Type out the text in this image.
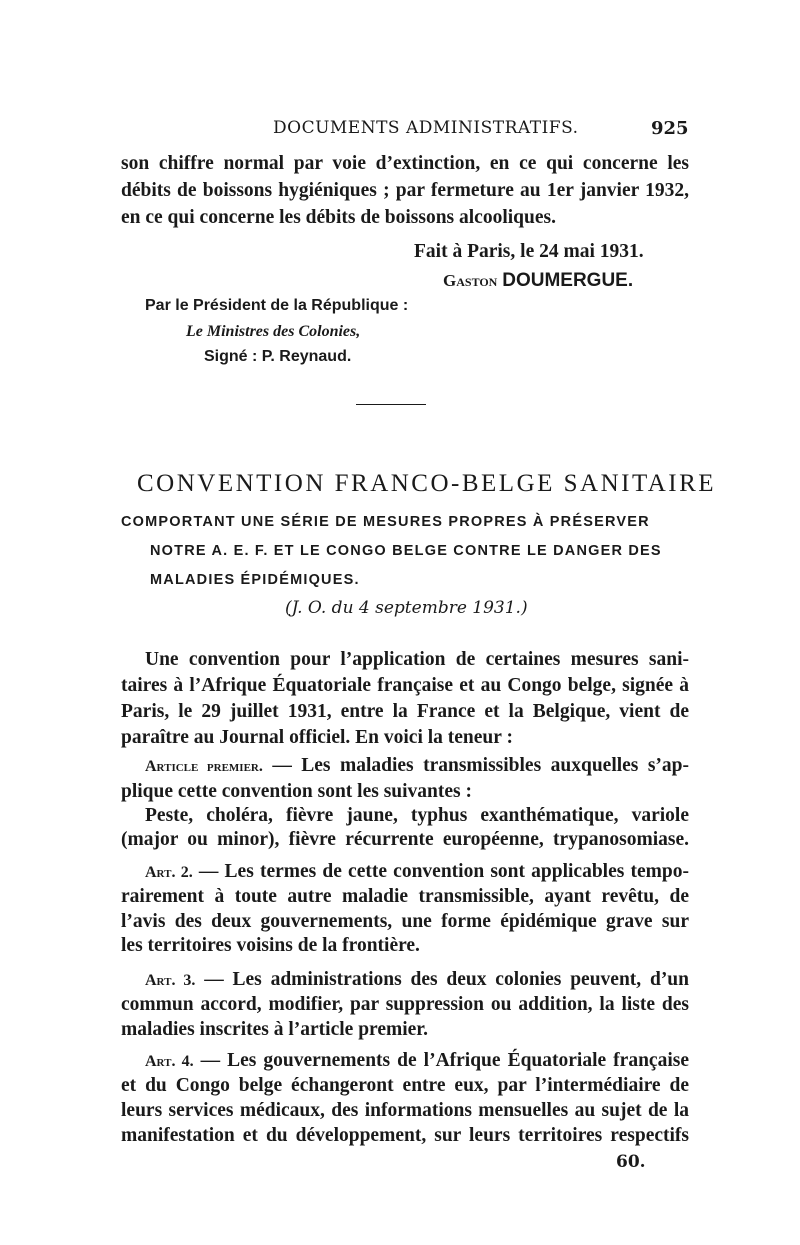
DOCUMENTS ADMINISTRATIFS.	925
son chiffre normal par voie d’extinction, en ce qui concerne les
débits de boissons hygiéniques ; par fermeture au 1er janvier 1932,
en ce qui concerne les débits de boissons alcooliques.
Fait à Paris, le 24 mai 1931.
Gaston DOUMERGUE.
Par le Président de la République :
Le Ministres des Colonies,
Signé : P. Reynaud.
CONVENTION FRANCO-BELGE SANITAIRE
COMPORTANT UNE SÉRIE DE MESURES PROPRES À PRÉSERVER
NOTRE A. E. F. ET LE CONGO BELGE CONTRE LE DANGER DES
MALADIES ÉPIDÉMIQUES.
(J. O. du 4 septembre 1931.)
Une convention pour l’application de certaines mesures sani-
taires à l’Afrique Équatoriale française et au Congo belge, signée à
Paris, le 29 juillet 1931, entre la France et la Belgique, vient de
paraître au Journal officiel. En voici la teneur :
Article premier. — Les maladies transmissibles auxquelles s’ap-
plique cette convention sont les suivantes :
Peste, choléra, fièvre jaune, typhus exanthématique, variole
(major ou minor), fièvre récurrente européenne, trypanosomiase.
Art. 2. — Les termes de cette convention sont applicables tempo-
rairement à toute autre maladie transmissible, ayant revêtu, de
l’avis des deux gouvernements, une forme épidémique grave sur
les territoires voisins de la frontière.
Art. 3. — Les administrations des deux colonies peuvent, d’un
commun accord, modifier, par suppression ou addition, la liste des
maladies inscrites à l’article premier.
Art. 4. — Les gouvernements de l’Afrique Équatoriale française
et du Congo belge échangeront entre eux, par l’intermédiaire de
leurs services médicaux, des informations mensuelles au sujet de la
manifestation et du développement, sur leurs territoires respectifs
60.
